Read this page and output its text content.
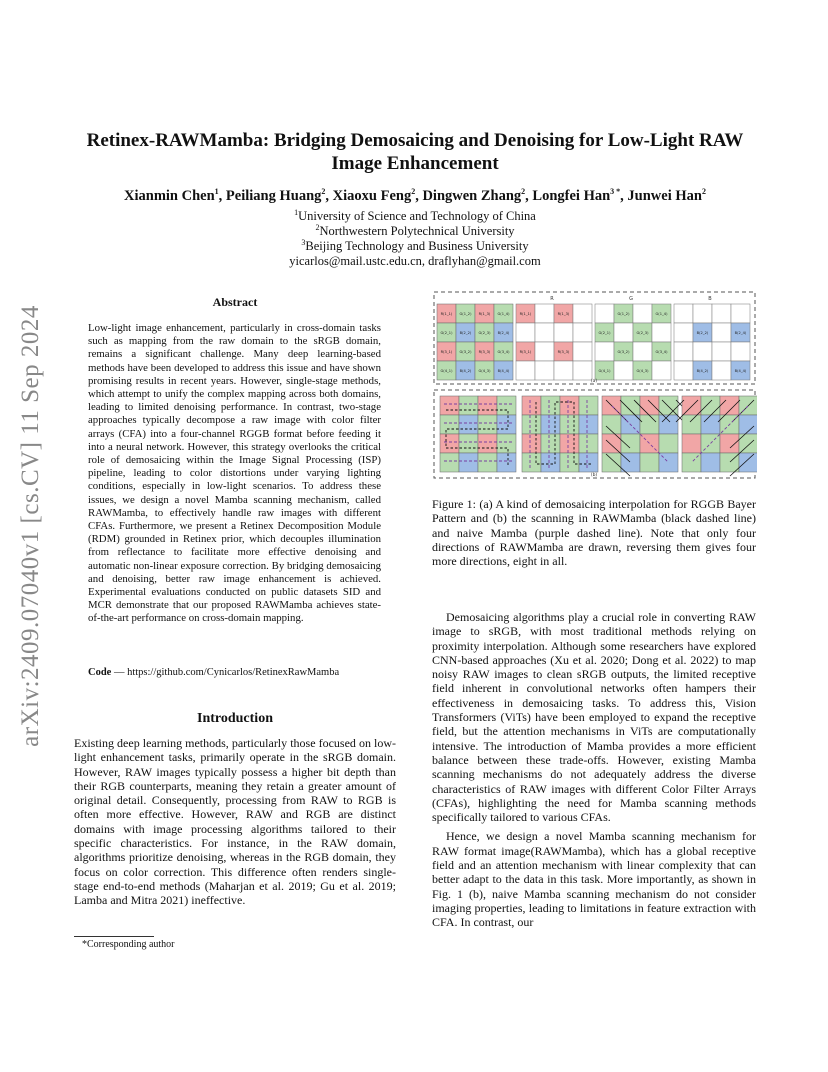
Retinex-RAWMamba: Bridging Demosaicing and Denoising for Low-Light RAW Image Enhancement
Xianmin Chen$^1$, Peiliang Huang$^2$, Xiaoxu Feng$^2$, Dingwen Zhang$^2$, Longfei Han$^{3 *}$, Junwei Han$^2$
$^1$University of Science and Technology of China
$^2$Northwestern Polytechnical University
$^3$Beijing Technology and Business University
yicarlos@mail.ustc.edu.cn, draflyhan@gmail.com
arXiv:2409.07040v1 [cs.CV] 11 Sep 2024
Abstract
Low-light image enhancement, particularly in cross-domain tasks such as mapping from the raw domain to the sRGB domain, remains a significant challenge. Many deep learning-based methods have been developed to address this issue and have shown promising results in recent years. However, single-stage methods, which attempt to unify the complex mapping across both domains, leading to limited denoising performance. In contrast, two-stage approaches typically decompose a raw image with color filter arrays (CFA) into a four-channel RGGB format before feeding it into a neural network. However, this strategy overlooks the critical role of demosaicing within the Image Signal Processing (ISP) pipeline, leading to color distortions under varying lighting conditions, especially in low-light scenarios. To address these issues, we design a novel Mamba scanning mechanism, called RAWMamba, to effectively handle raw images with different CFAs. Furthermore, we present a Retinex Decomposition Module (RDM) grounded in Retinex prior, which decouples illumination from reflectance to facilitate more effective denoising and automatic non-linear exposure correction. By bridging demosaicing and denoising, better raw image enhancement is achieved. Experimental evaluations conducted on public datasets SID and MCR demonstrate that our proposed RAWMamba achieves state-of-the-art performance on cross-domain mapping.
Code — https://github.com/Cynicarlos/RetinexRawMamba
Introduction
Existing deep learning methods, particularly those focused on low-light enhancement tasks, primarily operate in the sRGB domain. However, RAW images typically possess a higher bit depth than their RGB counterparts, meaning they retain a greater amount of original detail. Consequently, processing from RAW to RGB is often more effective. However, RAW and RGB are distinct domains with image processing algorithms tailored to their specific characteristics. For instance, in the RAW domain, algorithms prioritize denoising, whereas in the RGB domain, they focus on color correction. This difference often renders single-stage end-to-end methods (Maharjan et al. 2019; Gu et al. 2019; Lamba and Mitra 2021) ineffective.
*Corresponding author
R	G	B
R(1_1) G(1_2) R(1_3) G(1_4)
G(2_1) B(2_2) G(2_3) B(2_4)
R(3_1) G(3_2) R(3_3) G(3_4)
G(4_1) B(4_2) G(4_3) B(4_4)
R(1_1)	R(1_3)
R(3_1)	R(3_3)
G(1_2)	G(1_4)
G(2_1)	G(2_3)
G(3_2)	G(3_4)
G(4_1)	G(4_3)
B(2_2)	B(2_4)
B(4_2)	B(4_4)
(a)
(b)
Figure 1: (a) A kind of demosaicing interpolation for RGGB Bayer Pattern and (b) the scanning in RAWMamba (black dashed line) and naive Mamba (purple dashed line). Note that only four directions of RAWMamba are drawn, reversing them gives four more directions, eight in all.

Demosaicing algorithms play a crucial role in converting RAW image to sRGB, with most traditional methods relying on proximity interpolation. Although some researchers have explored CNN-based approaches (Xu et al. 2020; Dong et al. 2022) to map noisy RAW images to clean sRGB outputs, the limited receptive field inherent in convolutional networks often hampers their effectiveness in demosaicing tasks. To address this, Vision Transformers (ViTs) have been employed to expand the receptive field, but the attention mechanisms in ViTs are computationally intensive. The introduction of Mamba provides a more efficient balance between these trade-offs. However, existing Mamba scanning mechanisms do not adequately address the diverse characteristics of RAW images with different Color Filter Arrays (CFAs), highlighting the need for Mamba scanning methods specifically tailored to various CFAs.

Hence, we design a novel Mamba scanning mechanism for RAW format image(RAWMamba), which has a global receptive field and an attention mechanism with linear complexity that can better adapt to the data in this task. More importantly, as shown in Fig. 1 (b), naive Mamba scanning mechanism do not consider imaging properties, leading to limitations in feature extraction with CFA. In contrast, our
